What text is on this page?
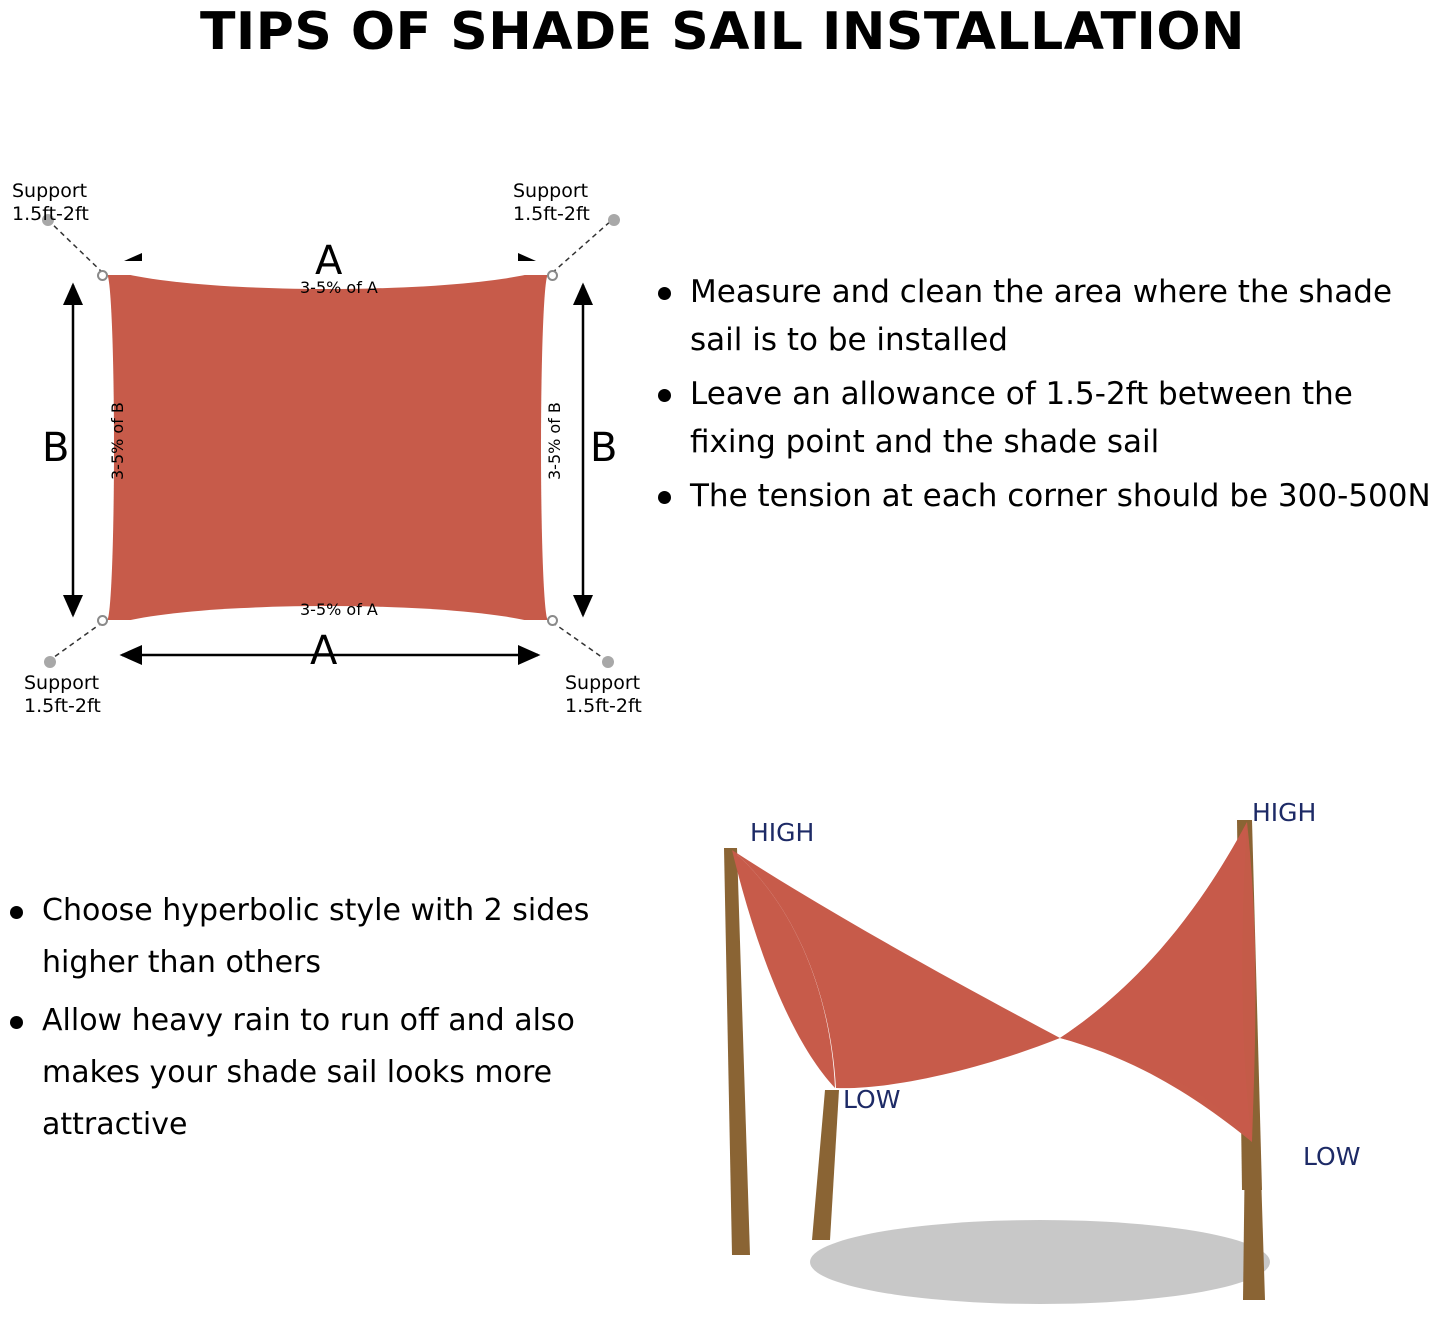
TIPS OF SHADE SAIL INSTALLATION
Support
1.5ft-2ft
Support
1.5ft-2ft
Support
1.5ft-2ft
Support
1.5ft-2ft
A
A
B	B
3-5% of A
3-5% of A
3-5% of B	3-5% of B
Measure and clean the area where the shade sail is to be installed
Leave an allowance of 1.5-2ft between the fixing point and the shade sail
The tension at each corner should be 300-500N
Choose hyperbolic style with 2 sides higher than others
Allow heavy rain to run off and also makes your shade sail looks more attractive
HIGH
HIGH
LOW
LOW
